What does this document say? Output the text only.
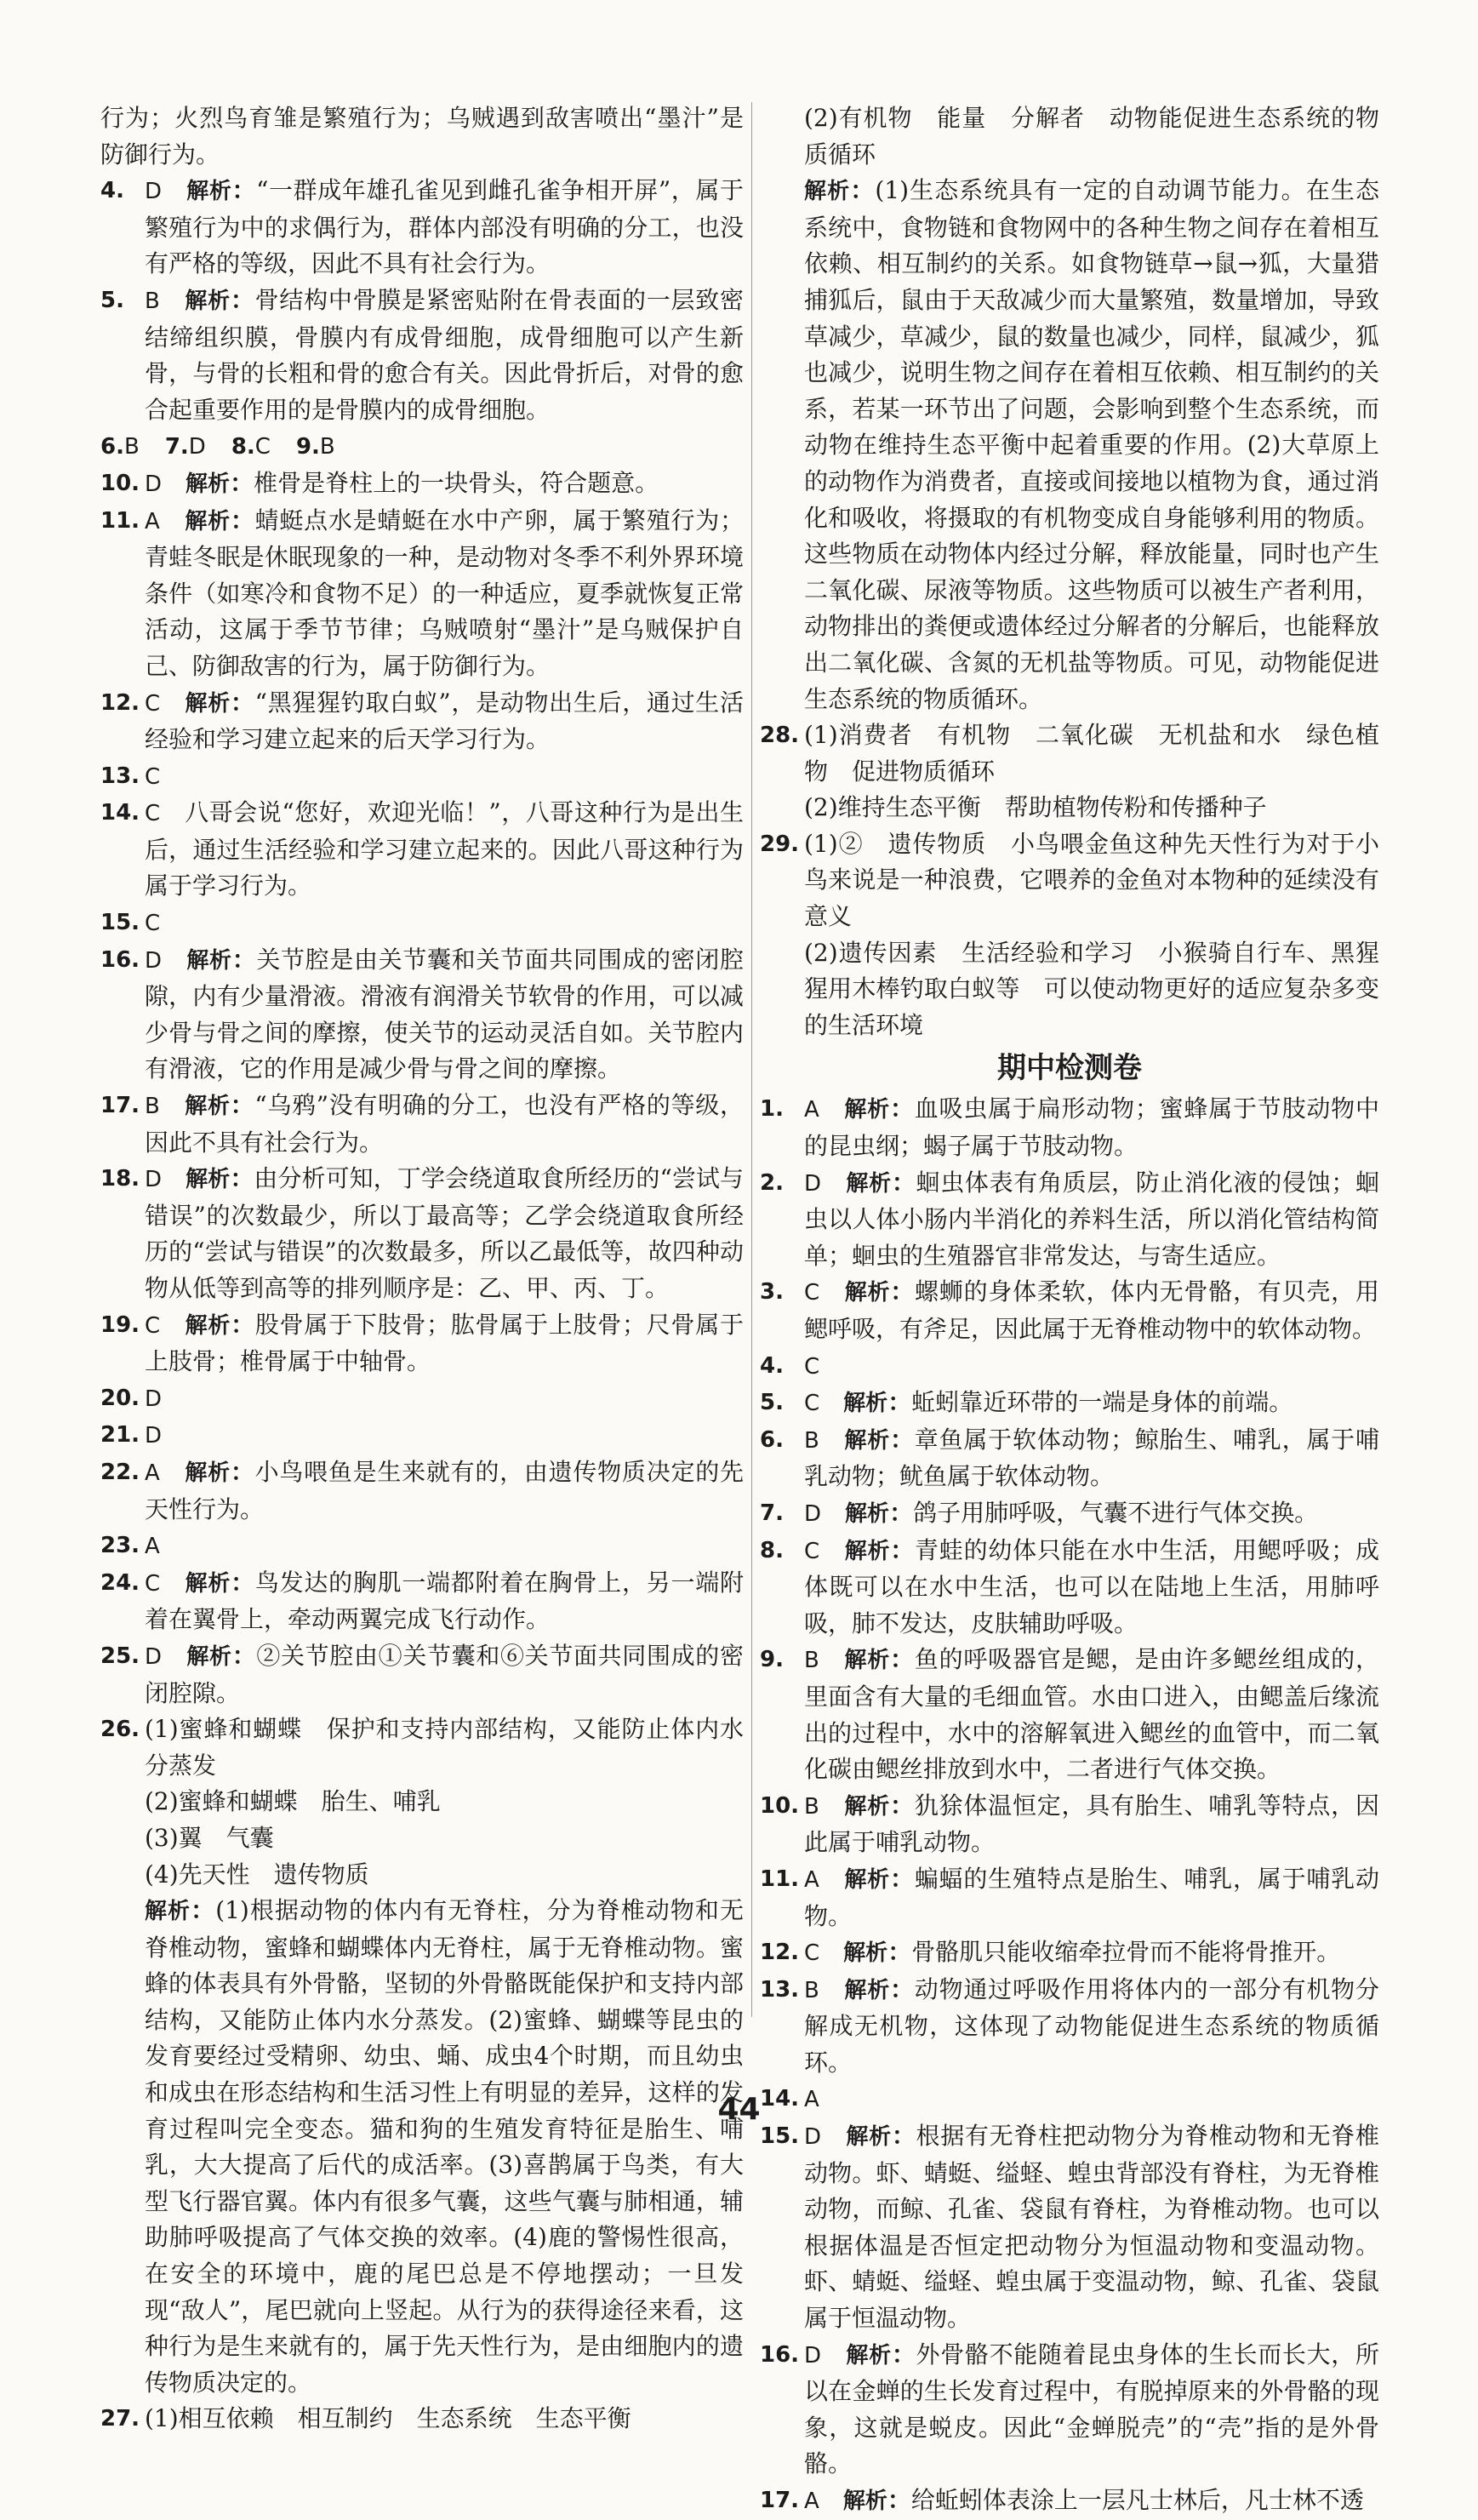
行为；火烈鸟育雏是繁殖行为；乌贼遇到敌害喷出“墨汁”是防御行为。

4. D　 解析：“一群成年雄孔雀见到雌孔雀争相开屏”，属于繁殖行为中的求偶行为，群体内部没有明确的分工，也没有严格的等级，因此不具有社会行为。
5. B　 解析：骨结构中骨膜是紧密贴附在骨表面的一层致密结缔组织膜，骨膜内有成骨细胞，成骨细胞可以产生新骨，与骨的长粗和骨的愈合有关。因此骨折后，对骨的愈合起重要作用的是骨膜内的成骨细胞。
6.B 7.D 8.C 9.B
10. D　 解析：椎骨是脊柱上的一块骨头，符合题意。
11. A　 解析：蜻蜓点水是蜻蜓在水中产卵，属于繁殖行为；青蛙冬眠是休眠现象的一种，是动物对冬季不利外界环境条件（如寒冷和食物不足）的一种适应，夏季就恢复正常活动，这属于季节节律；乌贼喷射“墨汁”是乌贼保护自己、防御敌害的行为，属于防御行为。
12. C　 解析：“黑猩猩钓取白蚁”，是动物出生后，通过生活经验和学习建立起来的后天学习行为。
13. C
14. C　 八哥会说“您好，欢迎光临！”，八哥这种行为是出生后，通过生活经验和学习建立起来的。因此八哥这种行为属于学习行为。
15. C
16. D　 解析：关节腔是由关节囊和关节面共同围成的密闭腔隙，内有少量滑液。滑液有润滑关节软骨的作用，可以减少骨与骨之间的摩擦，使关节的运动灵活自如。关节腔内有滑液，它的作用是减少骨与骨之间的摩擦。
17. B　 解析：“乌鸦”没有明确的分工，也没有严格的等级，因此不具有社会行为。
18. D　 解析：由分析可知，丁学会绕道取食所经历的“尝试与错误”的次数最少，所以丁最高等；乙学会绕道取食所经历的“尝试与错误”的次数最多，所以乙最低等，故四种动物从低等到高等的排列顺序是：乙、甲、丙、丁。
19. C　 解析：股骨属于下肢骨；肱骨属于上肢骨；尺骨属于上肢骨；椎骨属于中轴骨。
20. D
21. D
22. A　 解析：小鸟喂鱼是生来就有的，由遗传物质决定的先天性行为。
23. A
24. C　 解析：鸟发达的胸肌一端都附着在胸骨上，另一端附着在翼骨上，牵动两翼完成飞行动作。
25. D　 解析：②关节腔由①关节囊和⑥关节面共同围成的密闭腔隙。
26. (1)蜜蜂和蝴蝶　保护和支持内部结构，又能防止体内水分蒸发

(2)蜜蜂和蝴蝶　胎生、哺乳

(3)翼　气囊

(4)先天性　遗传物质

解析：(1)根据动物的体内有无脊柱，分为脊椎动物和无脊椎动物，蜜蜂和蝴蝶体内无脊柱，属于无脊椎动物。蜜蜂的体表具有外骨骼，坚韧的外骨骼既能保护和支持内部结构，又能防止体内水分蒸发。(2)蜜蜂、蝴蝶等昆虫的发育要经过受精卵、幼虫、蛹、成虫4个时期，而且幼虫和成虫在形态结构和生活习性上有明显的差异，这样的发育过程叫完全变态。猫和狗的生殖发育特征是胎生、哺乳，大大提高了后代的成活率。(3)喜鹊属于鸟类，有大型飞行器官翼。体内有很多气囊，这些气囊与肺相通，辅助肺呼吸提高了气体交换的效率。(4)鹿的警惕性很高，在安全的环境中，鹿的尾巴总是不停地摆动；一旦发现“敌人”，尾巴就向上竖起。从行为的获得途径来看，这种行为是生来就有的，属于先天性行为，是由细胞内的遗传物质决定的。

27. (1)相互依赖　相互制约　生态系统　生态平衡

(2)有机物　能量　分解者　动物能促进生态系统的物质循环

解析：(1)生态系统具有一定的自动调节能力。在生态系统中，食物链和食物网中的各种生物之间存在着相互依赖、相互制约的关系。如食物链草→鼠→狐，大量猎捕狐后，鼠由于天敌减少而大量繁殖，数量增加，导致草减少，草减少，鼠的数量也减少，同样，鼠减少，狐也减少，说明生物之间存在着相互依赖、相互制约的关系，若某一环节出了问题，会影响到整个生态系统，而动物在维持生态平衡中起着重要的作用。(2)大草原上的动物作为消费者，直接或间接地以植物为食，通过消化和吸收，将摄取的有机物变成自身能够利用的物质。这些物质在动物体内经过分解，释放能量，同时也产生二氧化碳、尿液等物质。这些物质可以被生产者利用，动物排出的粪便或遗体经过分解者的分解后，也能释放出二氧化碳、含氮的无机盐等物质。可见，动物能促进生态系统的物质循环。

28. (1)消费者　有机物　二氧化碳　无机盐和水　绿色植物　促进物质循环

(2)维持生态平衡　帮助植物传粉和传播种子

29. (1)②　遗传物质　小鸟喂金鱼这种先天性行为对于小鸟来说是一种浪费，它喂养的金鱼对本物种的延续没有意义

(2)遗传因素　生活经验和学习　小猴骑自行车、黑猩猩用木棒钓取白蚁等　可以使动物更好的适应复杂多变的生活环境

期中检测卷
1. A　 解析：血吸虫属于扁形动物；蜜蜂属于节肢动物中的昆虫纲；蝎子属于节肢动物。
2. D　 解析：蛔虫体表有角质层，防止消化液的侵蚀；蛔虫以人体小肠内半消化的养料生活，所以消化管结构简单；蛔虫的生殖器官非常发达，与寄生适应。
3. C　 解析：螺蛳的身体柔软，体内无骨骼，有贝壳，用鳃呼吸，有斧足，因此属于无脊椎动物中的软体动物。
4. C
5. C　 解析：蚯蚓靠近环带的一端是身体的前端。
6. B　 解析：章鱼属于软体动物；鲸胎生、哺乳，属于哺乳动物；鱿鱼属于软体动物。
7. D　 解析：鸽子用肺呼吸，气囊不进行气体交换。
8. C　 解析：青蛙的幼体只能在水中生活，用鳃呼吸；成体既可以在水中生活，也可以在陆地上生活，用肺呼吸，肺不发达，皮肤辅助呼吸。
9. B　 解析：鱼的呼吸器官是鳃，是由许多鳃丝组成的，里面含有大量的毛细血管。水由口进入，由鳃盖后缘流出的过程中，水中的溶解氧进入鳃丝的血管中，而二氧化碳由鳃丝排放到水中，二者进行气体交换。
10. B　 解析：犰狳体温恒定，具有胎生、哺乳等特点，因此属于哺乳动物。
11. A　 解析：蝙蝠的生殖特点是胎生、哺乳，属于哺乳动物。
12. C　 解析：骨骼肌只能收缩牵拉骨而不能将骨推开。
13. B　 解析：动物通过呼吸作用将体内的一部分有机物分解成无机物，这体现了动物能促进生态系统的物质循环。
14. A
15. D　 解析：根据有无脊柱把动物分为脊椎动物和无脊椎动物。虾、蜻蜓、缢蛏、蝗虫背部没有脊柱，为无脊椎动物，而鲸、孔雀、袋鼠有脊柱，为脊椎动物。也可以根据体温是否恒定把动物分为恒温动物和变温动物。虾、蜻蜓、缢蛏、蝗虫属于变温动物，鲸、孔雀、袋鼠属于恒温动物。
16. D　 解析：外骨骼不能随着昆虫身体的生长而长大，所以在金蝉的生长发育过程中，有脱掉原来的外骨骼的现象，这就是蜕皮。因此“金蝉脱壳”的“壳”指的是外骨骼。
17. A　 解析：给蚯蚓体表涂上一层凡士林后，凡士林不透
44
